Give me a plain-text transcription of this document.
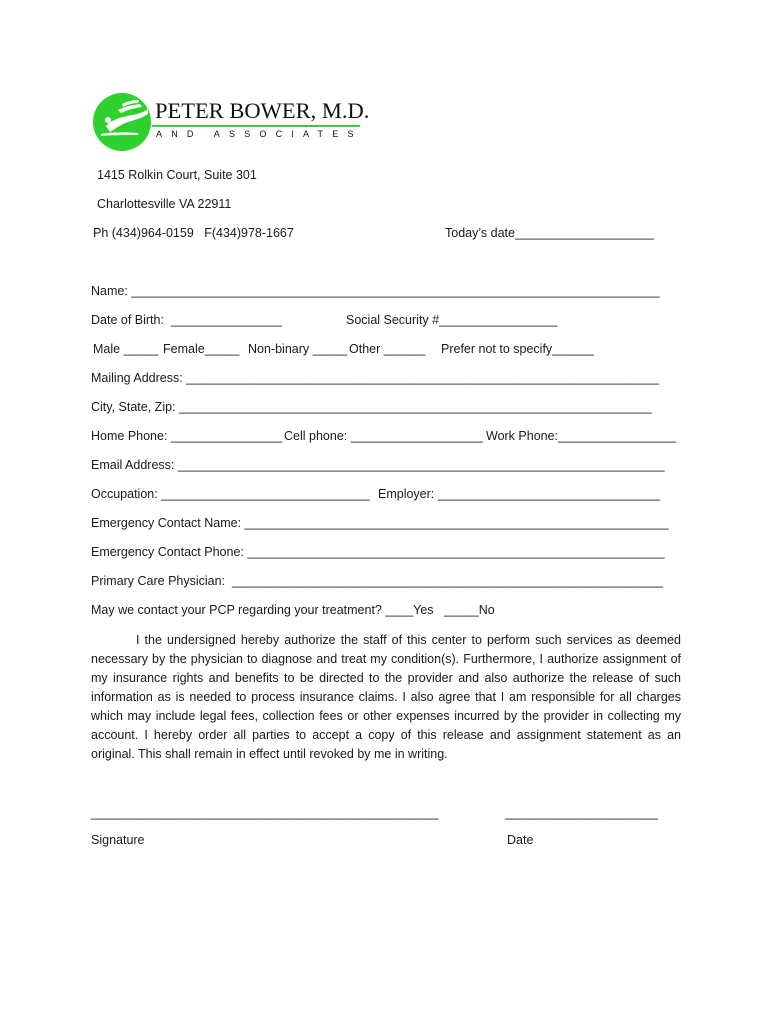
PETER BOWER, M.D.
AND ASSOCIATES
1415 Rolkin Court, Suite 301
Charlottesville VA 22911
Ph (434)964-0159   F(434)978-1667	Today’s date____________________
Name: ____________________________________________________________________________
Date of Birth:  ________________	Social Security #_________________
Male _____ Female_____ Non-binary _____ Other ______ Prefer not to specify______
Mailing Address: ____________________________________________________________________
City, State, Zip: ____________________________________________________________________
Home Phone: ________________ Cell phone: ___________________ Work Phone:_________________
Email Address: ______________________________________________________________________
Occupation: ______________________________ Employer: ________________________________
Emergency Contact Name: _____________________________________________________________
Emergency Contact Phone: ____________________________________________________________
Primary Care Physician:  ______________________________________________________________
May we contact your PCP regarding your treatment? ____Yes   _____No

I the undersigned hereby authorize the staff of this center to perform such services as deemed necessary by the physician to diagnose and treat my condition(s). Furthermore, I authorize assignment of my insurance rights and benefits to be directed to the provider and also authorize the release of such information as is needed to process insurance claims. I also agree that I am responsible for all charges which may include legal fees, collection fees or other expenses incurred by the provider in collecting my account. I hereby order all parties to accept a copy of this release and assignment statement as an original. This shall remain in effect until revoked by me in writing.

__________________________________________________	______________________
Signature	Date
